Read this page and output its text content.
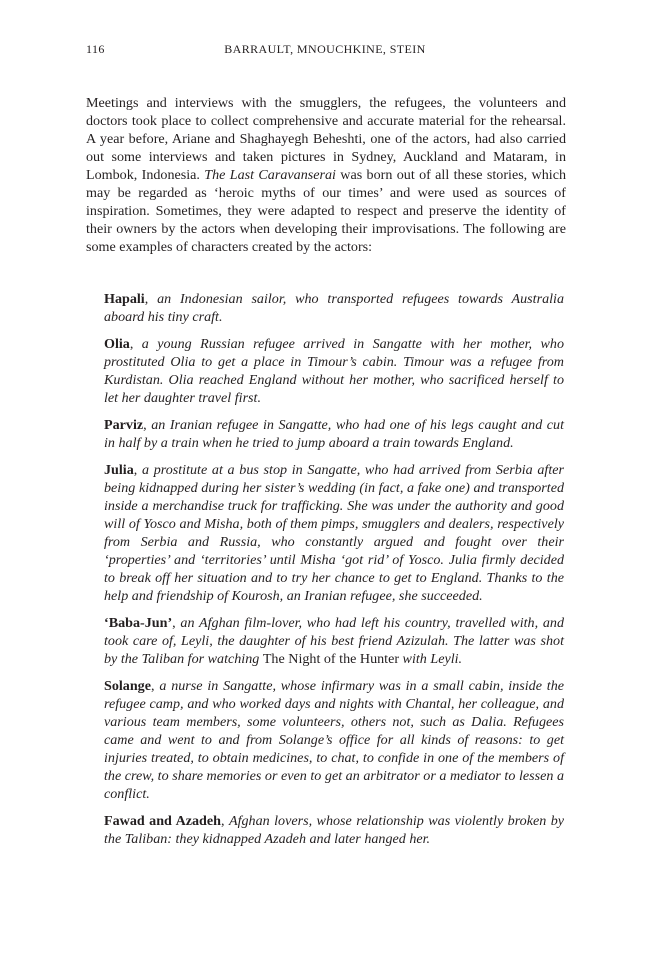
116	BARRAULT, MNOUCHKINE, STEIN

Meetings and interviews with the smugglers, the refugees, the volunteers and doctors took place to collect comprehensive and accurate material for the rehearsal. A year before, Ariane and Shaghayegh Beheshti, one of the actors, had also carried out some interviews and taken pictures in Sydney, Auckland and Mataram, in Lombok, Indonesia. The Last Caravanserai was born out of all these stories, which may be regarded as ‘heroic myths of our times’ and were used as sources of inspiration. Sometimes, they were adapted to respect and preserve the identity of their owners by the actors when developing their improvisations. The following are some examples of characters created by the actors:

Hapali, an Indonesian sailor, who transported refugees towards Australia aboard his tiny craft.

Olia, a young Russian refugee arrived in Sangatte with her mother, who prostituted Olia to get a place in Timour’s cabin. Timour was a refugee from Kurdistan. Olia reached England without her mother, who sacrificed herself to let her daughter travel first.

Parviz, an Iranian refugee in Sangatte, who had one of his legs caught and cut in half by a train when he tried to jump aboard a train towards England.

Julia, a prostitute at a bus stop in Sangatte, who had arrived from Serbia after being kidnapped during her sister’s wedding (in fact, a fake one) and transported inside a merchandise truck for trafficking. She was under the authority and good will of Yosco and Misha, both of them pimps, smugglers and dealers, respectively from Serbia and Russia, who constantly argued and fought over their ‘properties’ and ‘territories’ until Misha ‘got rid’ of Yosco. Julia firmly decided to break off her situation and to try her chance to get to England. Thanks to the help and friendship of Kourosh, an Iranian refugee, she succeeded.

‘Baba-Jun’, an Afghan film-lover, who had left his country, travelled with, and took care of, Leyli, the daughter of his best friend Azizulah. The latter was shot by the Taliban for watching The Night of the Hunter with Leyli.

Solange, a nurse in Sangatte, whose infirmary was in a small cabin, inside the refugee camp, and who worked days and nights with Chantal, her colleague, and various team members, some volunteers, others not, such as Dalia. Refugees came and went to and from Solange’s office for all kinds of reasons: to get injuries treated, to obtain medicines, to chat, to confide in one of the members of the crew, to share memories or even to get an arbitrator or a mediator to lessen a conflict.

Fawad and Azadeh, Afghan lovers, whose relationship was violently broken by the Taliban: they kidnapped Azadeh and later hanged her.
